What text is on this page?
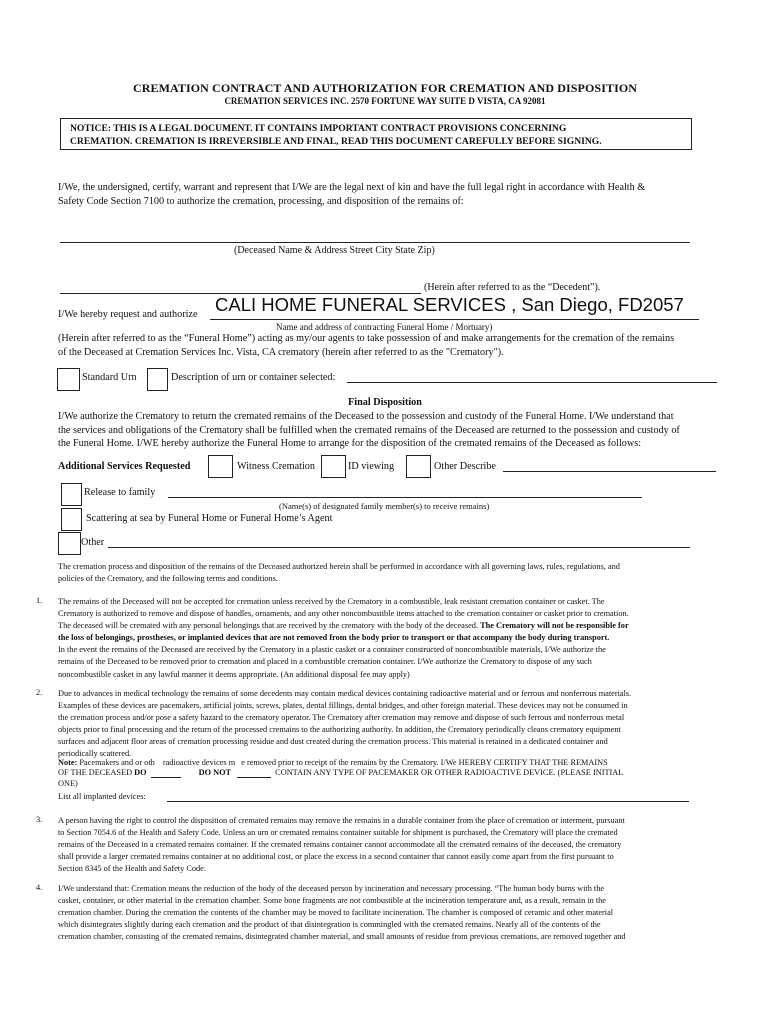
CREMATION CONTRACT AND AUTHORIZATION FOR CREMATION AND DISPOSITION
CREMATION SERVICES INC. 2570 FORTUNE WAY SUITE D VISTA, CA 92081
NOTICE: THIS IS A LEGAL DOCUMENT. IT CONTAINS IMPORTANT CONTRACT PROVISIONS CONCERNING
CREMATION. CREMATION IS IRREVERSIBLE AND FINAL, READ THIS DOCUMENT CAREFULLY BEFORE SIGNING.
I/We, the undersigned, certify, warrant and represent that I/We are the legal next of kin and have the full legal right in accordance with Health &
Safety Code Section 7100 to authorize the cremation, processing, and disposition of the remains of:
(Deceased Name & Address Street City State Zip)
(Herein after referred to as the “Decedent”).
I/We hereby request and authorize CALI HOME FUNERAL SERVICES , San Diego, FD2057
Name and address of contracting Funeral Home / Mortuary)
(Herein after referred to as the “Funeral Home”) acting as my/our agents to take possession of and make arrangements for the cremation of the remains
of the Deceased at Cremation Services Inc. Vista, CA crematory (herein after referred to as the "Crematory").
Standard Urn	Description of urn or container selected:
Final Disposition
I/We authorize the Crematory to return the cremated remains of the Deceased to the possession and custody of the Funeral Home. I/We understand that
the services and obligations of the Crematory shall be fulfilled when the cremated remains of the Deceased are returned to the possession and custody of
the Funeral Home. I/WE hereby authorize the Funeral Home to arrange for the disposition of the cremated remains of the Deceased as follows:
Additional Services Requested	Witness Cremation	ID viewing	Other Describe
Release to family
(Name(s) of designated family member(s) to receive remains)
Scattering at sea by Funeral Home or Funeral Home’s Agent
Other
The cremation process and disposition of the remains of the Deceased authorized herein shall be performed in accordance with all governing laws, rules, regulations, and
policies of the Crematory, and the following terms and conditions.
1. The remains of the Deceased will not be accepted for cremation unless received by the Crematory in a combustible, leak resistant cremation container or casket. The
Crematory is authorized to remove and dispose of handles, ornaments, and any other noncombustible items attached to the cremation container or casket prior to cremation.
The deceased will be cremated with any personal belongings that are received by the crematory with the body of the deceased. The Crematory will not be responsible for
the loss of belongings, prostheses, or implanted devices that are not removed from the body prior to transport or that accompany the body during transport.
In the event the remains of the Deceased are received by the Crematory in a plastic casket or a container constructed of noncombustible materials, I/We authorize the
remains of the Deceased to be removed prior to cremation and placed in a combustible cremation container. I/We authorize the Crematory to dispose of any such
noncombustible casket in any lawful manner it deems appropriate. (An additional disposal fee may apply)
2. Due to advances in medical technology the remains of some decedents may contain medical devices containing radioactive material and or ferrous and nonferrous materials.
Examples of these devices are pacemakers, artificial joints, screws, plates, dental fillings, dental bridges, and other foreign material. These devices may not be consumed in
the cremation process and/or pose a safety hazard to the crematory operator. The Crematory after cremation may remove and dispose of such ferrous and nonferrous metal
objects prior to final processing and the return of the processed cremains to the authorizing authority. In addition, the Crematory periodically cleans crematory equipment
surfaces and adjacent floor areas of cremation processing residue and dust created during the cremation process. This material is retained in a dedicated container and
periodically scattered.
Note: Pacemakers and or oth radioactive devices m e removed prior to receipt of the remains by the Crematory. I/We HEREBY CERTIFY THAT THE REMAINS
OF THE DECEASED DO	DO NOT	CONTAIN ANY TYPE OF PACEMAKER OR OTHER RADIOACTIVE DEVICE. (PLEASE INITIAL
ONE)
List all implanted devices:
3. A person having the right to control the disposition of cremated remains may remove the remains in a durable container from the place of cremation or interment, pursuant
to Section 7054.6 of the Health and Safety Code. Unless an urn or cremated remains container suitable for shipment is purchased, the Crematory will place the cremated
remains of the Deceased in a cremated remains container. If the cremated remains container cannot accommodate all the cremated remains of the deceased, the crematory
shall provide a larger cremated remains container at no additional cost, or place the excess in a second container that cannot easily come apart from the first pursuant to
Section 8345 of the Health and Safety Code.
4. I/We understand that: Cremation means the reduction of the body of the deceased person by incineration and necessary processing. “The human body burns with the
casket, container, or other material in the cremation chamber. Some bone fragments are not combustible at the incineration temperature and, as a result, remain in the
cremation chamber. During the cremation the contents of the chamber may be moved to facilitate incineration. The chamber is composed of ceramic and other material
which disintegrates slightly during each cremation and the product of that disintegration is commingled with the cremated remains. Nearly all of the contents of the
cremation chamber, consisting of the cremated remains, disintegrated chamber material, and small amounts of residue from previous cremations, are removed together and
